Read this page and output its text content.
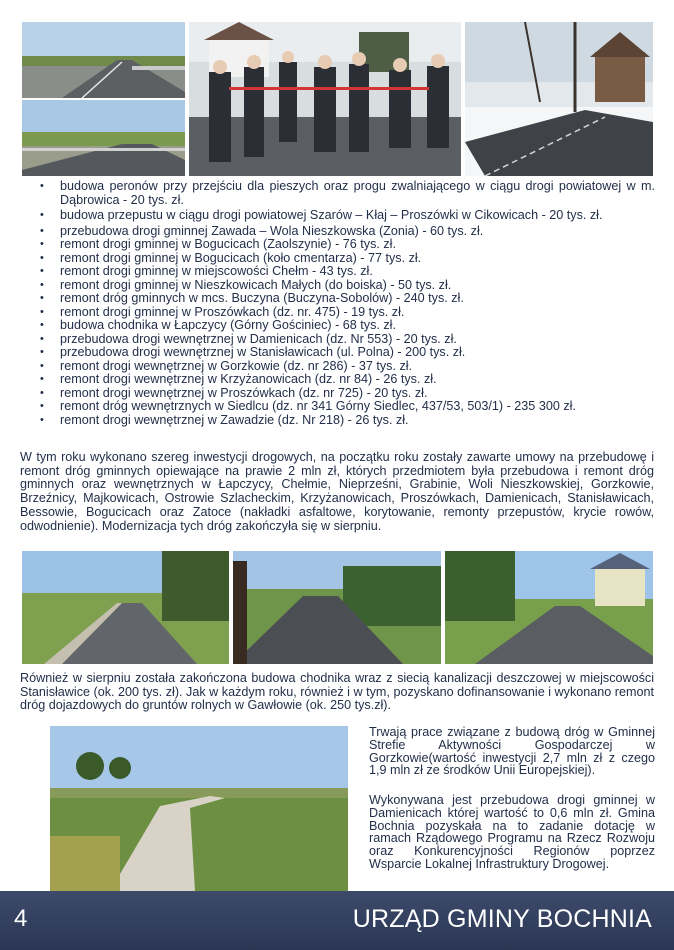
• budowa peronów przy przejściu dla pieszych oraz progu zwalniającego w ciągu drogi powiatowej w m. Dąbrowica - 20 tys. zł.
• budowa przepustu w ciągu drogi powiatowej Szarów – Kłaj – Proszówki w Cikowicach - 20 tys. zł.
• przebudowa drogi gminnej Zawada – Wola Nieszkowska (Zonia) - 60 tys. zł.
• remont drogi gminnej w Bogucicach (Zaolszynie) - 76 tys. zł.
• remont drogi gminnej w Bogucicach (koło cmentarza) - 77 tys. zł.
• remont drogi gminnej w miejscowości Chełm - 43 tys. zł.
• remont drogi gminnej w Nieszkowicach Małych (do boiska) - 50 tys. zł.
• remont dróg gminnych w mcs. Buczyna (Buczyna-Sobolów) - 240 tys. zł.
• remont drogi gminnej w Proszówkach (dz. nr. 475) - 19 tys. zł.
• budowa chodnika w Łapczycy (Górny Gościniec) - 68 tys. zł.
• przebudowa drogi wewnętrznej w Damienicach (dz. Nr 553) - 20 tys. zł.
• przebudowa drogi wewnętrznej w Stanisławicach (ul. Polna) - 200 tys. zł.
• remont drogi wewnętrznej w Gorzkowie (dz. nr 286) - 37 tys. zł.
• remont drogi wewnętrznej w Krzyżanowicach (dz. nr 84) - 26 tys. zł.
• remont drogi wewnętrznej w Proszówkach (dz. nr 725) - 20 tys. zł.
• remont dróg wewnętrznych w Siedlcu (dz. nr 341 Górny Siedlec, 437/53, 503/1) - 235 300 zł.
• remont drogi wewnętrznej w Zawadzie (dz. Nr 218) - 26 tys. zł.

W tym roku wykonano szereg inwestycji drogowych, na początku roku zostały zawarte umowy na przebudowę i remont dróg gminnych opiewające na prawie 2 mln zł, których przedmiotem była przebudowa i remont dróg gminnych oraz wewnętrznych w Łapczycy, Chełmie, Nieprześni, Grabinie, Woli Nieszkowskiej, Gorzkowie, Brzeźnicy, Majkowicach, Ostrowie Szlacheckim, Krzyżanowicach, Proszówkach, Damienicach, Stanisławicach, Bessowie, Bogucicach oraz Zatoce (nakładki asfaltowe, korytowanie, remonty przepustów, krycie rowów, odwodnienie). Modernizacja tych dróg zakończyła się w sierpniu.

Również w sierpniu została zakończona budowa chodnika wraz z siecią kanalizacji deszczowej w miejscowości Stanisławice (ok. 200 tys. zł). Jak w każdym roku, również i w tym, pozyskano dofinansowanie i wykonano remont dróg dojazdowych do gruntów rolnych w Gawłowie (ok. 250 tys.zł).

Trwają prace związane z budową dróg w Gminnej Strefie Aktywności Gospodarczej w Gorzkowie(wartość inwestycji 2,7 mln zł z czego 1,9 mln zł ze środków Unii Europejskiej).

Wykonywana jest przebudowa drogi gminnej w Damienicach której wartość to 0,6 mln zł. Gmina Bochnia pozyskała na to zadanie dotację w ramach Rządowego Programu na Rzecz Rozwoju oraz Konkurencyjności Regionów poprzez Wsparcie Lokalnej Infrastruktury Drogowej.

4	URZĄD GMINY BOCHNIA
